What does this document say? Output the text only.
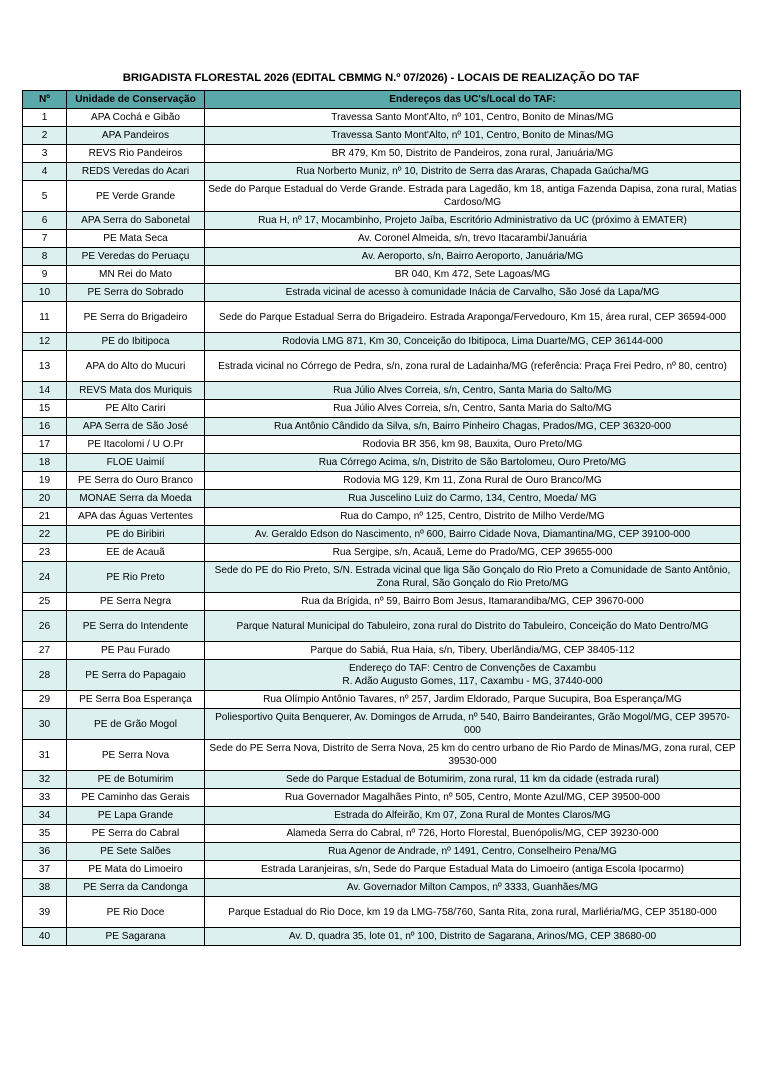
BRIGADISTA FLORESTAL 2026 (EDITAL CBMMG N.º 07/2026) - LOCAIS DE REALIZAÇÃO DO TAF
Nº	Unidade de Conservação	Endereços das UC's/Local do TAF:
1	APA Cochá e Gibão	Travessa Santo Mont'Alto, nº 101, Centro, Bonito de Minas/MG
2	APA Pandeiros	Travessa Santo Mont'Alto, nº 101, Centro, Bonito de Minas/MG
3	REVS Rio Pandeiros	BR 479, Km 50, Distrito de Pandeiros, zona rural, Januária/MG
4	REDS Veredas do Acari	Rua Norberto Muniz, nº 10, Distrito de Serra das Araras, Chapada Gaúcha/MG
5	PE Verde Grande	Sede do Parque Estadual do Verde Grande. Estrada para Lagedão, km 18, antiga Fazenda Dapisa, zona rural, Matias Cardoso/MG
6	APA Serra do Sabonetal	Rua H, nº 17, Mocambinho, Projeto Jaíba, Escritório Administrativo da UC (próximo à EMATER)
7	PE Mata Seca	Av. Coronel Almeida, s/n, trevo Itacarambi/Januária
8	PE Veredas do Peruaçu	Av. Aeroporto, s/n, Bairro Aeroporto, Januária/MG
9	MN Rei do Mato	BR 040, Km 472, Sete Lagoas/MG
10	PE Serra do Sobrado	Estrada vicinal de acesso à comunidade Inácia de Carvalho, São José da Lapa/MG
11	PE Serra do Brigadeiro	Sede do Parque Estadual Serra do Brigadeiro. Estrada Araponga/Fervedouro, Km 15, área rural, CEP 36594-000
12	PE do Ibitipoca	Rodovia LMG 871, Km 30, Conceição do Ibitipoca, Lima Duarte/MG, CEP 36144-000
13	APA do Alto do Mucuri	Estrada vicinal no Córrego de Pedra, s/n, zona rural de Ladainha/MG (referência: Praça Frei Pedro, nº 80, centro)
14	REVS Mata dos Muriquis	Rua Júlio Alves Correia, s/n, Centro, Santa Maria do Salto/MG
15	PE Alto Cariri	Rua Júlio Alves Correia, s/n, Centro, Santa Maria do Salto/MG
16	APA Serra de São José	Rua Antônio Cândido da Silva, s/n, Bairro Pinheiro Chagas, Prados/MG, CEP 36320-000
17	PE Itacolomi / U O.Pr	Rodovia BR 356, km 98, Bauxita, Ouro Preto/MG
18	FLOE Uaimií	Rua Córrego Acima, s/n, Distrito de São Bartolomeu, Ouro Preto/MG
19	PE Serra do Ouro Branco	Rodovia MG 129, Km 11, Zona Rural de Ouro Branco/MG
20	MONAE Serra da Moeda	Rua Juscelino Luiz do Carmo, 134, Centro, Moeda/ MG
21	APA das Águas Vertentes	Rua do Campo, nº 125, Centro, Distrito de Milho Verde/MG
22	PE do Biribiri	Av. Geraldo Edson do Nascimento, nº 600, Bairro Cidade Nova, Diamantina/MG, CEP 39100-000
23	EE de Acauã	Rua Sergipe, s/n, Acauã, Leme do Prado/MG, CEP 39655-000
24	PE Rio Preto	Sede do PE do Rio Preto, S/N. Estrada vicinal que liga São Gonçalo do Rio Preto a Comunidade de Santo Antônio, Zona Rural, São Gonçalo do Rio Preto/MG
25	PE Serra Negra	Rua da Brígida, nº 59, Bairro Bom Jesus, Itamarandiba/MG, CEP 39670-000
26	PE Serra do Intendente	Parque Natural Municipal do Tabuleiro, zona rural do Distrito do Tabuleiro, Conceição do Mato Dentro/MG
27	PE Pau Furado	Parque do Sabiá, Rua Haia, s/n, Tibery, Uberlândia/MG, CEP 38405-112
28	PE Serra do Papagaio	Endereço do TAF: Centro de Convenções de Caxambu
R. Adão Augusto Gomes, 117, Caxambu - MG, 37440-000

29	PE Serra Boa Esperança	Rua Olímpio Antônio Tavares, nº 257, Jardim Eldorado, Parque Sucupira, Boa Esperança/MG
30	PE de Grão Mogol	Poliesportivo Quita Benquerer, Av. Domingos de Arruda, nº 540, Bairro Bandeirantes, Grão Mogol/MG, CEP 39570-000
31	PE Serra Nova	Sede do PE Serra Nova, Distrito de Serra Nova, 25 km do centro urbano de Rio Pardo de Minas/MG, zona rural, CEP 39530-000
32	PE de Botumirim	Sede do Parque Estadual de Botumirim, zona rural, 11 km da cidade (estrada rural)
33	PE Caminho das Gerais	Rua Governador Magalhães Pinto, nº 505, Centro, Monte Azul/MG, CEP 39500-000
34	PE Lapa Grande	Estrada do Alfeirão, Km 07, Zona Rural de Montes Claros/MG
35	PE Serra do Cabral	Alameda Serra do Cabral, nº 726, Horto Florestal, Buenópolis/MG, CEP 39230-000
36	PE Sete Salões	Rua Agenor de Andrade, nº 1491, Centro, Conselheiro Pena/MG
37	PE Mata do Limoeiro	Estrada Laranjeiras, s/n, Sede do Parque Estadual Mata do Limoeiro (antiga Escola Ipocarmo)
38	PE Serra da Candonga	Av. Governador Milton Campos, nº 3333, Guanhães/MG
39	PE Rio Doce	Parque Estadual do Rio Doce, km 19 da LMG-758/760, Santa Rita, zona rural, Marliéria/MG, CEP 35180-000
40	PE Sagarana	Av. D, quadra 35, lote 01, nº 100, Distrito de Sagarana, Arinos/MG, CEP 38680-00
